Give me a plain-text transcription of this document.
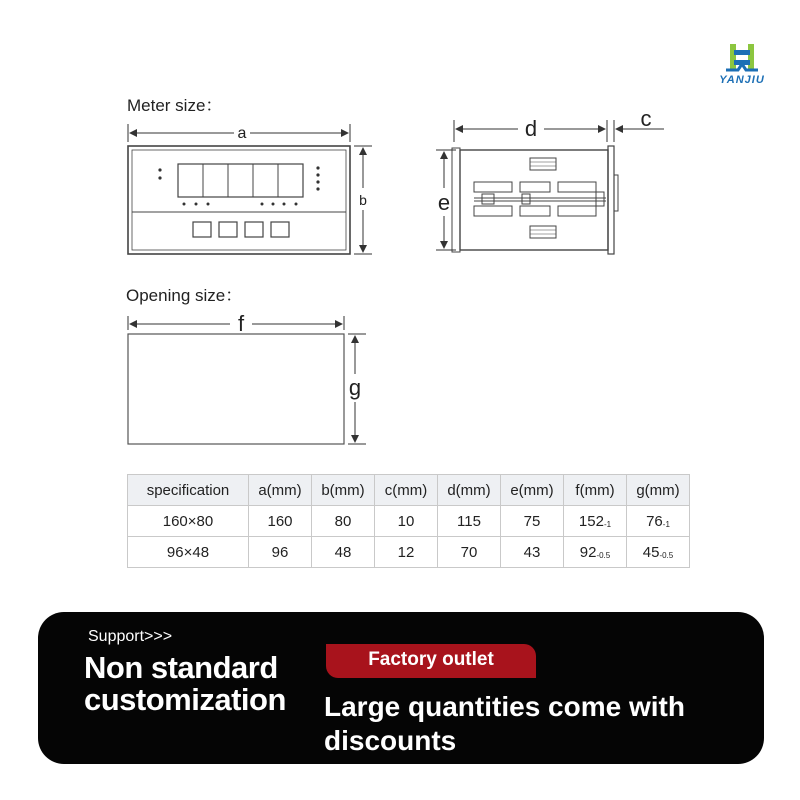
YANJIU
Meter size：
Opening size：
a
b
d	c
e
f
g
specification	a(mm)	b(mm)	c(mm)	d(mm)	e(mm)	f(mm)	g(mm)
160×80	160	80	10	115	75	$152_{-1}$	$76_{-1}$
96×48	96	48	12	70	43	$92_{-0.5}$	$45_{-0.5}$
Support>>>
Non standard
customization
Factory outlet
Large quantities come with
discounts
